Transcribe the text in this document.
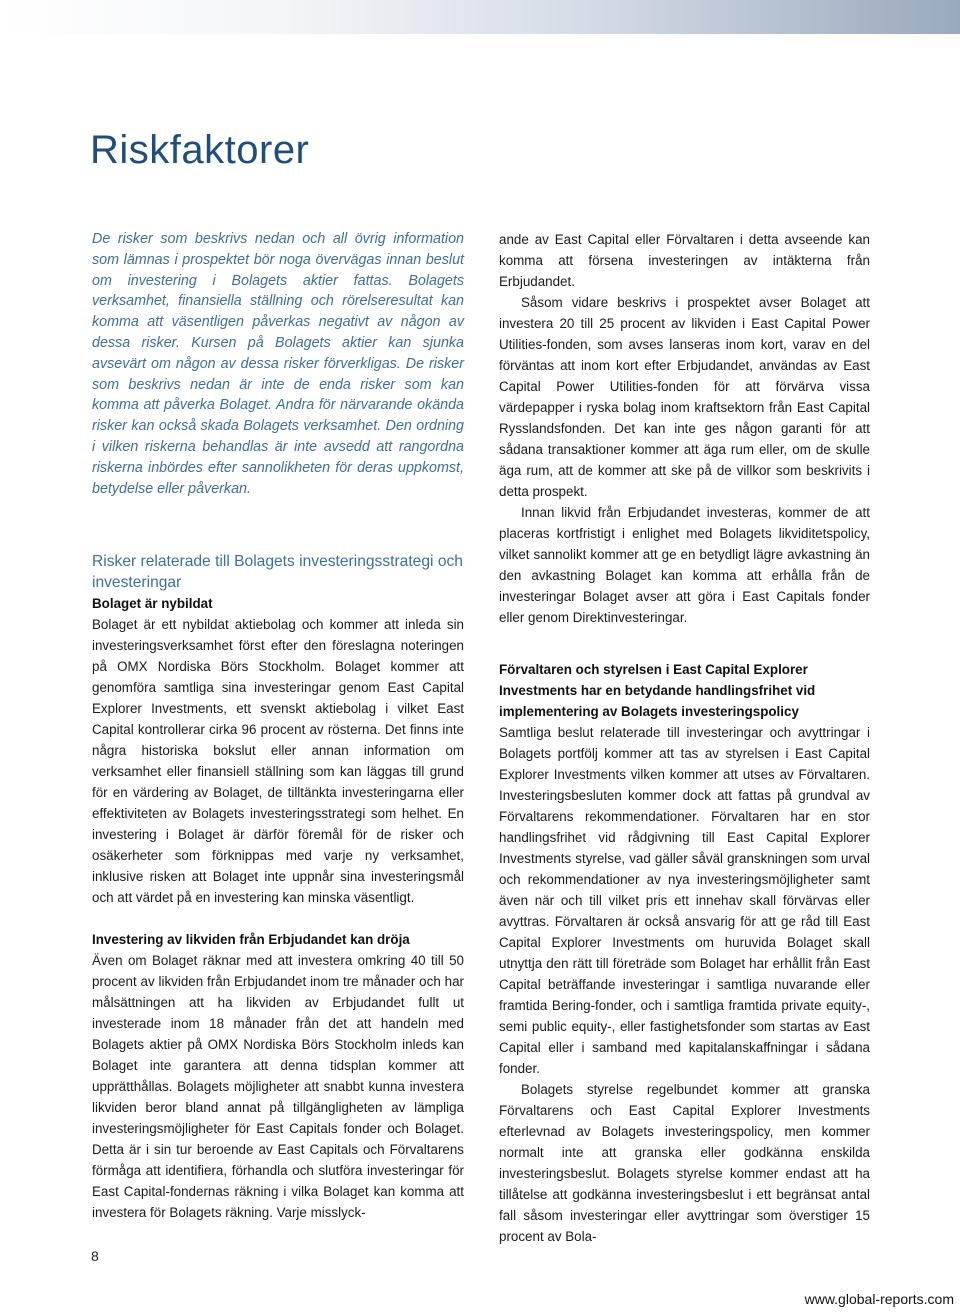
Riskfaktorer

De risker som beskrivs nedan och all övrig information som lämnas i prospektet bör noga övervägas innan beslut om investering i Bolagets aktier fattas. Bolagets verksamhet, finansiella ställning och rörelseresultat kan komma att väsentligen påverkas negativt av någon av dessa risker. Kursen på Bolagets aktier kan sjunka avsevärt om någon av dessa risker förverkligas. De risker som beskrivs nedan är inte de enda risker som kan komma att påverka Bolaget. Andra för närvarande okända risker kan också skada Bolagets verksamhet. Den ordning i vilken riskerna behandlas är inte avsedd att rangordna riskerna inbördes efter sannolikheten för deras uppkomst, betydelse eller påverkan.

Risker relaterade till Bolagets investeringsstrategi och investeringar
Bolaget är nybildat

Bolaget är ett nybildat aktiebolag och kommer att inleda sin investeringsverksamhet först efter den föreslagna noteringen på OMX Nordiska Börs Stockholm. Bolaget kommer att genomföra samtliga sina investeringar genom East Capital Explorer Investments, ett svenskt aktiebolag i vilket East Capital kontrollerar cirka 96 procent av rösterna. Det finns inte några historiska bokslut eller annan information om verksamhet eller finansiell ställning som kan läggas till grund för en värdering av Bolaget, de tilltänkta investeringarna eller effektiviteten av Bolagets investeringsstrategi som helhet. En investering i Bolaget är därför föremål för de risker och osäkerheter som förknippas med varje ny verksamhet, inklusive risken att Bolaget inte uppnår sina investeringsmål och att värdet på en investering kan minska väsentligt.

Investering av likviden från Erbjudandet kan dröja

Även om Bolaget räknar med att investera omkring 40 till 50 procent av likviden från Erbjudandet inom tre månader och har målsättningen att ha likviden av Erbjudandet fullt ut investerade inom 18 månader från det att handeln med Bolagets aktier på OMX Nordiska Börs Stockholm inleds kan Bolaget inte garantera att denna tidsplan kommer att upprätthållas. Bolagets möjligheter att snabbt kunna investera likviden beror bland annat på tillgängligheten av lämpliga investeringsmöjligheter för East Capitals fonder och Bolaget. Detta är i sin tur beroende av East Capitals och Förvaltarens förmåga att identifiera, förhandla och slutföra investeringar för East Capital-fondernas räkning i vilka Bolaget kan komma att investera för Bolagets räkning. Varje misslyck-

ande av East Capital eller Förvaltaren i detta avseende kan komma att försena investeringen av intäkterna från Erbjudandet.

Såsom vidare beskrivs i prospektet avser Bolaget att investera 20 till 25 procent av likviden i East Capital Power Utilities-fonden, som avses lanseras inom kort, varav en del förväntas att inom kort efter Erbjudandet, användas av East Capital Power Utilities-fonden för att förvärva vissa värdepapper i ryska bolag inom kraftsektorn från East Capital Rysslandsfonden. Det kan inte ges någon garanti för att sådana transaktioner kommer att äga rum eller, om de skulle äga rum, att de kommer att ske på de villkor som beskrivits i detta prospekt.

Innan likvid från Erbjudandet investeras, kommer de att placeras kortfristigt i enlighet med Bolagets likviditetspolicy, vilket sannolikt kommer att ge en betydligt lägre avkastning än den avkastning Bolaget kan komma att erhålla från de investeringar Bolaget avser att göra i East Capitals fonder eller genom Direktinvesteringar.

Förvaltaren och styrelsen i East Capital Explorer Investments har en betydande handlingsfrihet vid implementering av Bolagets investeringspolicy

Samtliga beslut relaterade till investeringar och avyttringar i Bolagets portfölj kommer att tas av styrelsen i East Capital Explorer Investments vilken kommer att utses av Förvaltaren. Investeringsbesluten kommer dock att fattas på grundval av Förvaltarens rekommendationer. Förvaltaren har en stor handlingsfrihet vid rådgivning till East Capital Explorer Investments styrelse, vad gäller såväl granskningen som urval och rekommendationer av nya investeringsmöjligheter samt även när och till vilket pris ett innehav skall förvärvas eller avyttras. Förvaltaren är också ansvarig för att ge råd till East Capital Explorer Investments om huruvida Bolaget skall utnyttja den rätt till företräde som Bolaget har erhållit från East Capital beträffande investeringar i samtliga nuvarande eller framtida Bering-fonder, och i samtliga framtida private equity-, semi public equity-, eller fastighetsfonder som startas av East Capital eller i samband med kapitalanskaffningar i sådana fonder.

Bolagets styrelse regelbundet kommer att granska Förvaltarens och East Capital Explorer Investments efterlevnad av Bolagets investeringspolicy, men kommer normalt inte att granska eller godkänna enskilda investeringsbeslut. Bolagets styrelse kommer endast att ha tillåtelse att godkänna investeringsbeslut i ett begränsat antal fall såsom investeringar eller avyttringar som överstiger 15 procent av Bola-

8
www.global-reports.com
